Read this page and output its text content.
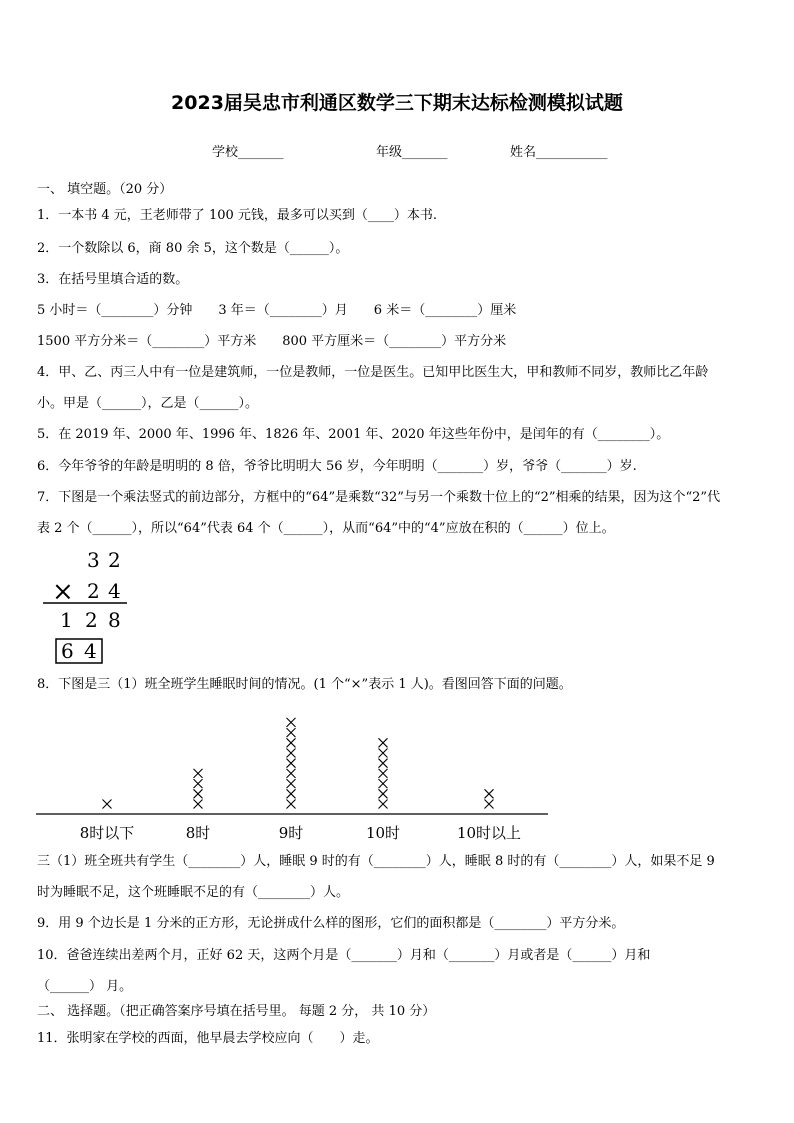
2023届吴忠市利通区数学三下期末达标检测模拟试题
学校_______	年级_______	姓名___________
一、 填空题。（20 分）
1．一本书 4 元，王老师带了 100 元钱，最多可以买到（____）本书.
2．一个数除以 6，商 80 余 5，这个数是（______）。
3．在括号里填合适的数。
5 小时＝（________）分钟　　3 年＝（________）月　　6 米＝（________）厘米
1500 平方分米＝（________）平方米　　800 平方厘米＝（________）平方分米
4．甲、乙、丙三人中有一位是建筑师，一位是教师，一位是医生。已知甲比医生大，甲和教师不同岁，教师比乙年龄
小。甲是（______），乙是（______）。
5．在 2019 年、2000 年、1996 年、1826 年、2001 年、2020 年这些年份中，是闰年的有（________）。
6．今年爷爷的年龄是明明的 8 倍，爷爷比明明大 56 岁，今年明明（_______）岁，爷爷（_______）岁.
7．下图是一个乘法竖式的前边部分，方框中的“64”是乘数“32”与另一个乘数十位上的“2”相乘的结果，因为这个“2”代
表 2 个（______），所以“64”代表 64 个（______），从而“64”中的“4”应放在积的（______）位上。
3 2
× 2 4
1 2 8
6 4
8．下图是三（1）班全班学生睡眠时间的情况。(1 个“×”表示 1 人)。看图回答下面的问题。
8时以下	8时	9时	10时	10时以上
三（1）班全班共有学生（________）人，睡眠 9 时的有（________）人，睡眠 8 时的有（________）人，如果不足 9
时为睡眠不足，这个班睡眠不足的有（________）人。
9．用 9 个边长是 1 分米的正方形，无论拼成什么样的图形，它们的面积都是（________）平方分米。
10．爸爸连续出差两个月，正好 62 天，这两个月是（_______）月和（_______）月或者是（______）月和
（______） 月。
二、 选择题。（把正确答案序号填在括号里。 每题 2 分， 共 10 分）
11．张明家在学校的西面，他早晨去学校应向（　　）走。
